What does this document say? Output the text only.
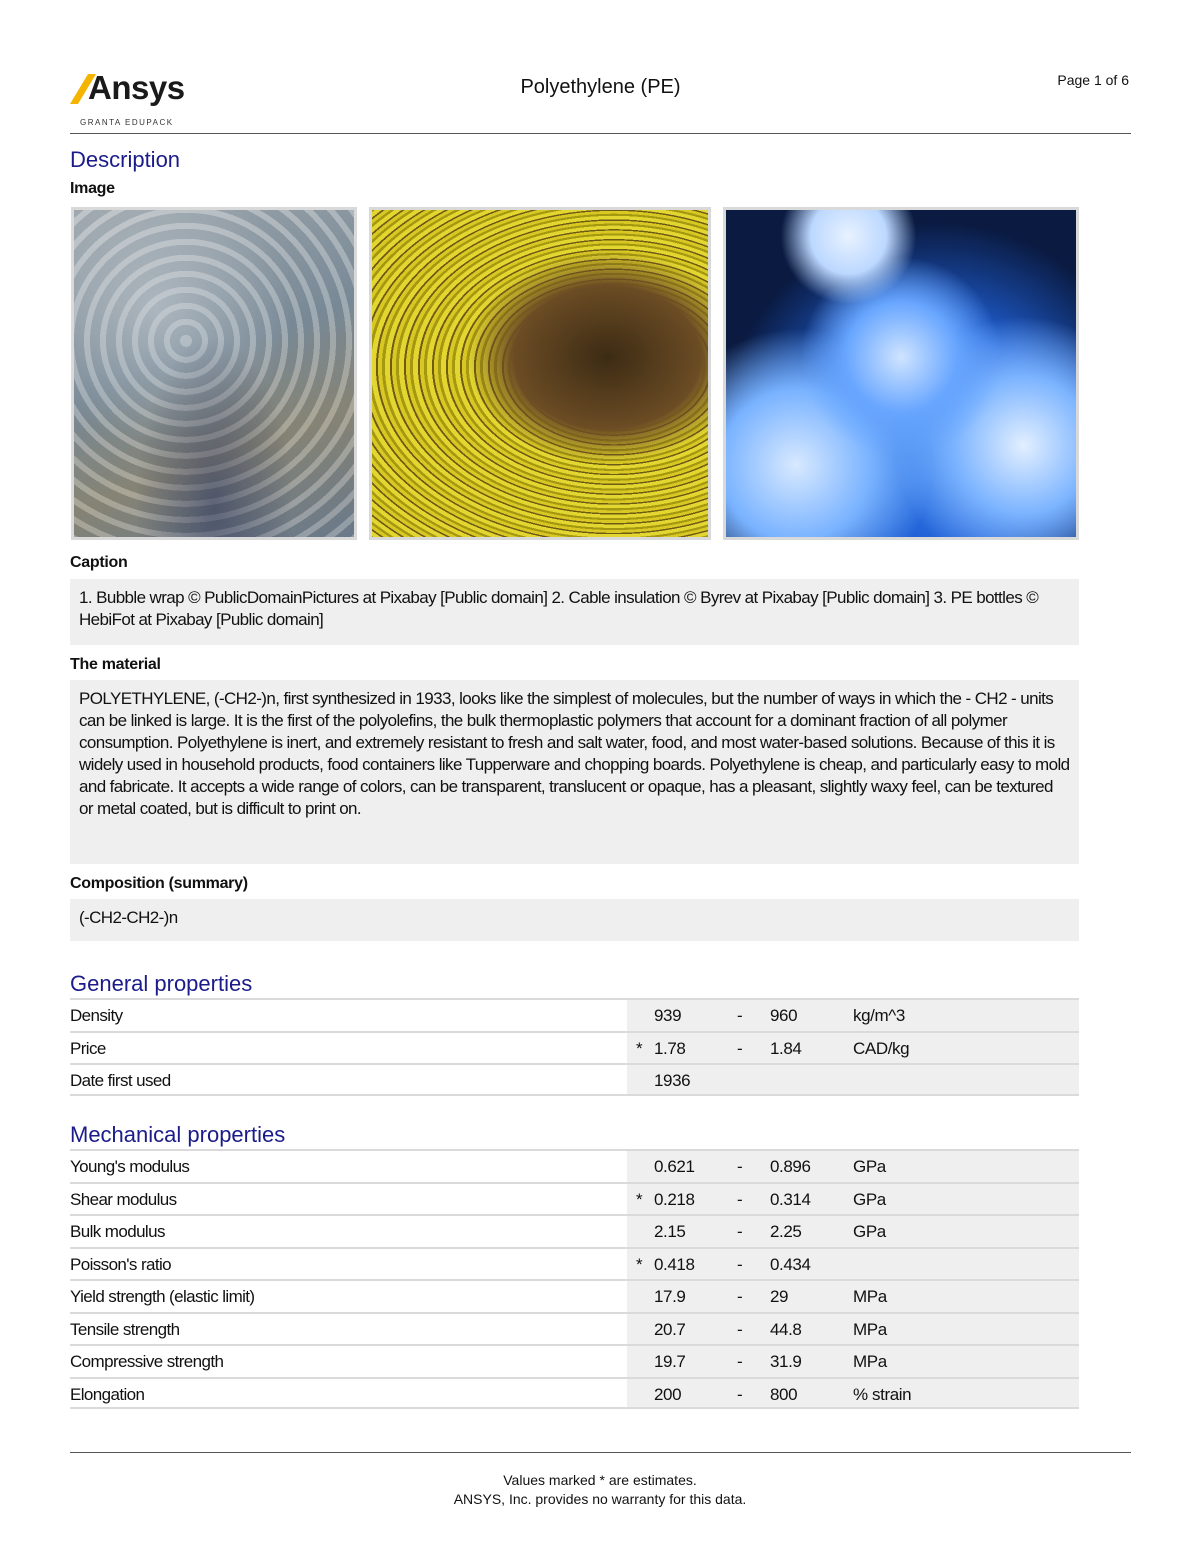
Ansys
GRANTA EDUPACK
Polyethylene (PE)	Page 1 of 6
Description
Image
Caption
1. Bubble wrap © PublicDomainPictures at Pixabay [Public domain] 2. Cable insulation © Byrev at Pixabay [Public domain] 3. PE bottles © HebiFot at Pixabay [Public domain]
The material
POLYETHYLENE, (-CH2-)n, first synthesized in 1933, looks like the simplest of molecules, but the number of ways in which the - CH2 - units can be linked is large. It is the first of the polyolefins, the bulk thermoplastic polymers that account for a dominant fraction of all polymer consumption. Polyethylene is inert, and extremely resistant to fresh and salt water, food, and most water-based solutions. Because of this it is widely used in household products, food containers like Tupperware and chopping boards. Polyethylene is cheap, and particularly easy to mold and fabricate. It accepts a wide range of colors, can be transparent, translucent or opaque, has a pleasant, slightly waxy feel, can be textured or metal coated, but is difficult to print on.
Composition (summary)
(-CH2-CH2-)n
General properties
Density	939	- 960	kg/m^3
Price	* 1.78	- 1.84	CAD/kg
Date first used	1936
Mechanical properties
Young's modulus	0.621 - 0.896 GPa
Shear modulus	* 0.218 - 0.314 GPa
Bulk modulus	2.15	- 2.25	GPa
Poisson's ratio	* 0.418 - 0.434
Yield strength (elastic limit)	17.9	- 29	MPa
Tensile strength	20.7	- 44.8	MPa
Compressive strength	19.7	- 31.9	MPa
Elongation	200	- 800	% strain
Values marked * are estimates.
ANSYS, Inc. provides no warranty for this data.
